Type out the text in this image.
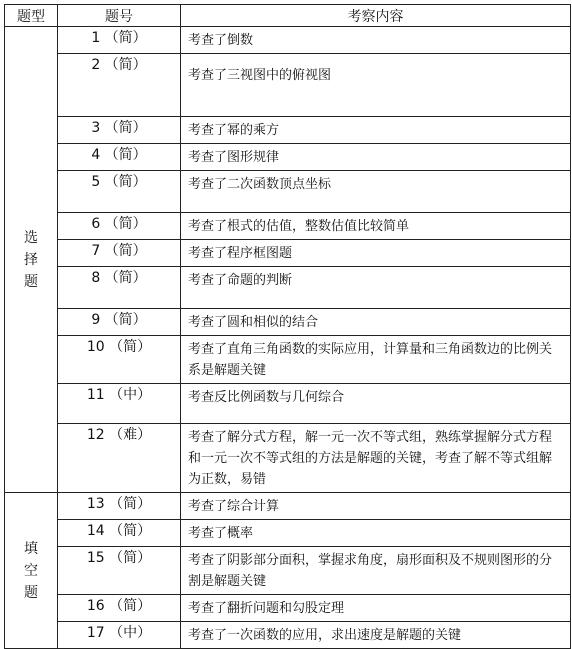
题型	题号	考察内容

选
择
题	1 （简）	考查了倒数
	2 （简）	考查了三视图中的俯视图
	3 （简）	考查了幂的乘方
	4 （简）	考查了图形规律
	5 （简）	考查了二次函数顶点坐标
	6 （简）	考查了根式的估值，整数估值比较简单
	7 （简）	考查了程序框图题
	8 （简）	考查了命题的判断
	9 （简）	考查了圆和相似的结合
	10 （简）	考查了直角三角函数的实际应用，计算量和三角函数边的比例关系是解题关键
	11 （中）	考查反比例函数与几何综合
	12 （难）	考查了解分式方程，解一元一次不等式组，熟练掌握解分式方程和一元一次不等式组的方法是解题的关键，考查了解不等式组解为正数，易错

填
空
题	13 （简）	考查了综合计算
	14 （简）	考查了概率
	15 （简）	考查了阴影部分面积，掌握求角度，扇形面积及不规则图形的分割是解题关键
	16 （简）	考查了翻折问题和勾股定理
	17 （中）	考查了一次函数的应用，求出速度是解题的关键
